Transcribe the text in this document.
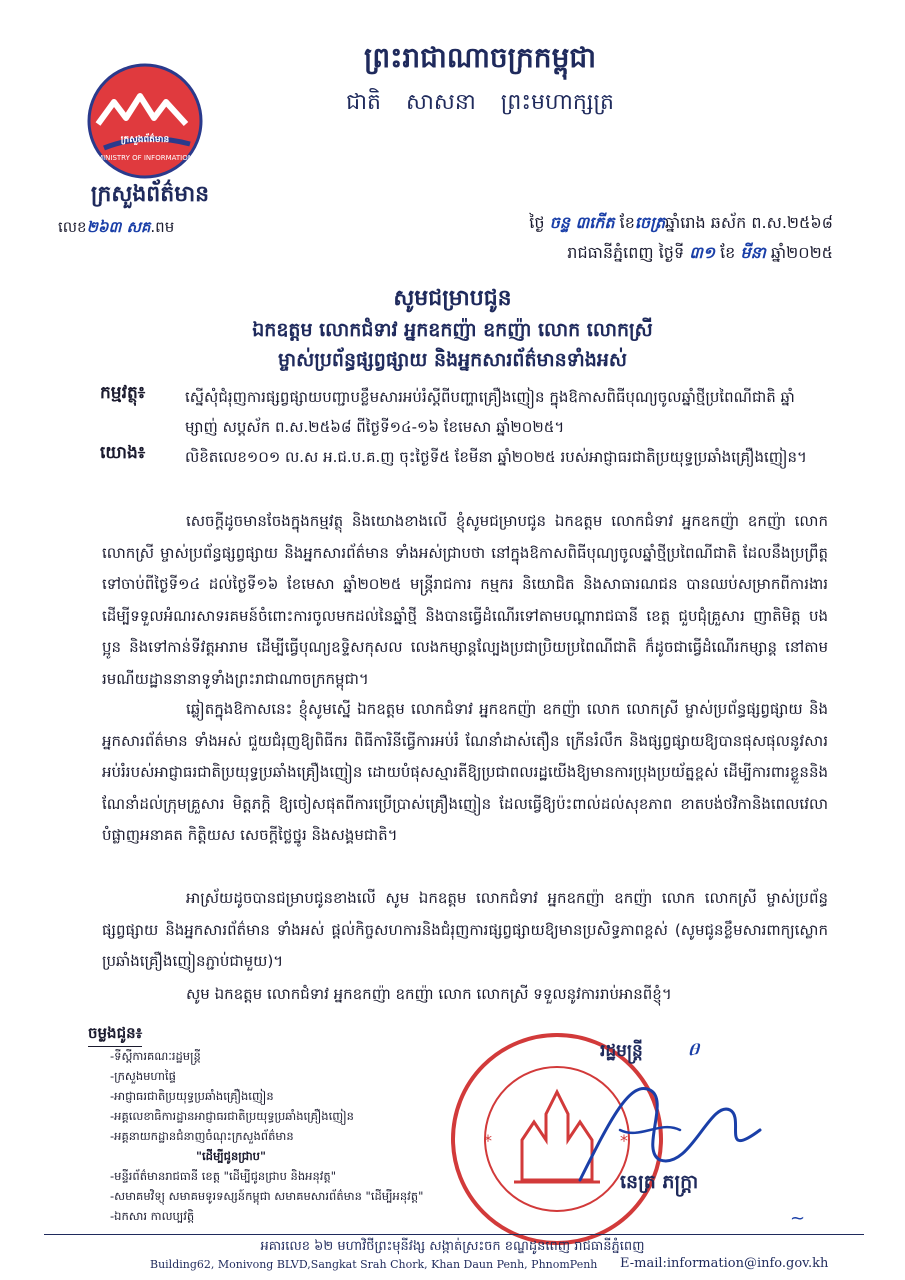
ក្រសួងព័ត៌មាន
MINISTRY OF INFORMATION
ក្រសួងព័ត៌មាន
លេខ២៦៣ សគ.ពម
ព្រះរាជាណាចក្រកម្ពុជា
ជាតិ សាសនា ព្រះមហាក្សត្រ
ថ្ងៃ ចន្ទ ៣កើត ខែចេត្រឆ្នាំរោង ឆស័ក ព.ស.២៥៦៨
រាជធានីភ្នំពេញ ថ្ងៃទី ៣១ ខែ មីនា ឆ្នាំ២០២៥
សូមជម្រាបជូន
ឯកឧត្តម លោកជំទាវ អ្នកឧកញ៉ា ឧកញ៉ា លោក លោកស្រី
ម្ចាស់ប្រព័ន្ធផ្សព្វផ្សាយ និងអ្នកសារព័ត៌មានទាំងអស់
កម្មវត្ថុ៖	ស្នើសុំជំរុញការផ្សព្វផ្សាយបញ្ជាបខ្លឹមសារអប់រំស្តីពីបញ្ហាគ្រឿងញៀន ក្នុងឱកាសពិធីបុណ្យចូលឆ្នាំថ្មីប្រពៃណីជាតិ ឆ្នាំម្សាញ់ សប្តស័ក ព.ស.២៥៦៨ ពីថ្ងៃទី១៤-១៦ ខែមេសា ឆ្នាំ២០២៥។
យោង៖	លិខិតលេខ១០១ ល.ស អ.ជ.ប.គ.ញ ចុះថ្ងៃទី៥ ខែមីនា ឆ្នាំ២០២៥ របស់អាជ្ញាធរជាតិប្រយុទ្ធប្រឆាំងគ្រឿងញៀន។
សេចក្តីដូចមានចែងក្នុងកម្មវត្ថុ និងយោងខាងលើ ខ្ញុំសូមជម្រាបជូន ឯកឧត្តម លោកជំទាវ អ្នកឧកញ៉ា ឧកញ៉ា លោក លោកស្រី ម្ចាស់ប្រព័ន្ធផ្សព្វផ្សាយ និងអ្នកសារព័ត៌មាន ទាំងអស់ជ្រាបថា នៅក្នុងឱកាសពិធីបុណ្យចូលឆ្នាំថ្មីប្រពៃណីជាតិ ដែលនឹងប្រព្រឹត្តទៅចាប់ពីថ្ងៃទី១៤ ដល់ថ្ងៃទី១៦ ខែមេសា ឆ្នាំ២០២៥ មន្ត្រីរាជការ កម្មករ និយោជិត និងសាធារណជន បានឈប់សម្រាកពីការងារ ដើម្បីទទួលអំណរសាទរគមន៍ចំពោះការចូលមកដល់នៃឆ្នាំថ្មី និងបានធ្វើដំណើរទៅតាមបណ្តារាជធានី ខេត្ត ជួបជុំគ្រួសារ ញាតិមិត្ត បងប្អូន និងទៅកាន់ទីវត្តអារាម ដើម្បីធ្វើបុណ្យឧទ្ទិសកុសល លេងកម្សាន្តល្បែងប្រជាប្រិយប្រពៃណីជាតិ ក៏ដូចជាធ្វើដំណើរកម្សាន្ត នៅតាមរមណីយដ្ឋាននានាទូទាំងព្រះរាជាណាចក្រកម្ពុជា។
ឆ្លៀតក្នុងឱកាសនេះ ខ្ញុំសូមស្នើ ឯកឧត្តម លោកជំទាវ អ្នកឧកញ៉ា ឧកញ៉ា លោក លោកស្រី ម្ចាស់ប្រព័ន្ធផ្សព្វផ្សាយ និងអ្នកសារព័ត៌មាន ទាំងអស់ ជួយជំរុញឱ្យពិធីករ ពិធីការិនីធ្វើការអប់រំ ណែនាំដាស់តឿន ក្រើនរំលឹក និងផ្សព្វផ្សាយឱ្យបានផុសផុលនូវសារអប់រំរបស់អាជ្ញាធរជាតិប្រយុទ្ធប្រឆាំងគ្រឿងញៀន ដោយបំផុសស្មារតីឱ្យប្រជាពលរដ្ឋយើងឱ្យមានការប្រុងប្រយ័ត្នខ្ពស់ ដើម្បីការពារខ្លួននិងណែនាំដល់ក្រុមគ្រួសារ មិត្តភក្តិ ឱ្យចៀសផុតពីការប្រើប្រាស់គ្រឿងញៀន ដែលធ្វើឱ្យប៉ះពាល់ដល់សុខភាព ខាតបង់ថវិកានិងពេលវេលា បំផ្លាញអនាគត កិត្តិយស សេចក្តីថ្លៃថ្នូរ និងសង្គមជាតិ។
អាស្រ័យដូចបានជម្រាបជូនខាងលើ សូម ឯកឧត្តម លោកជំទាវ អ្នកឧកញ៉ា ឧកញ៉ា លោក លោកស្រី ម្ចាស់ប្រព័ន្ធផ្សព្វផ្សាយ និងអ្នកសារព័ត៌មាន ទាំងអស់ ផ្តល់កិច្ចសហការនិងជំរុញការផ្សព្វផ្សាយឱ្យមានប្រសិទ្ធភាពខ្ពស់ (សូមជូនខ្លឹមសារពាក្យស្លោកប្រឆាំងគ្រឿងញៀនភ្ជាប់ជាមួយ)។
សូម ឯកឧត្តម លោកជំទាវ អ្នកឧកញ៉ា ឧកញ៉ា លោក លោកស្រី ទទួលនូវការរាប់អានពីខ្ញុំ។
ចម្លងជូន៖
-ទីស្តីការគណៈរដ្ឋមន្ត្រី
-ក្រសួងមហាផ្ទៃ
-អាជ្ញាធរជាតិប្រយុទ្ធប្រឆាំងគ្រឿងញៀន
-អគ្គលេខាធិការដ្ឋានអាជ្ញាធរជាតិប្រយុទ្ធប្រឆាំងគ្រឿងញៀន
-អគ្គនាយកដ្ឋានជំនាញចំណុះក្រសួងព័ត៌មាន
"ដើម្បីជូនជ្រាប"
-មន្ទីរព័ត៌មានរាជធានី ខេត្ត "ដើម្បីជូនជ្រាប និងអនុវត្ត"
-សមាគមវិទ្យុ សមាគមទូរទស្សន៍កម្ពុជា សមាគមសារព័ត៌មាន "ដើម្បីអនុវត្ត"
-ឯកសារ កាលប្បវត្តិ
*	*
រដ្ឋមន្ត្រី ፀ
នេត្រ ភក្ត្រា
~
អគារលេខ ៦២ មហាវិថីព្រះមុនីវង្ស សង្កាត់ស្រះចក ខណ្ឌដូនពេញ រាជធានីភ្នំពេញ
Building62, Monivong BLVD,Sangkat Srah Chork, Khan Daun Penh, PhnomPenh E-mail:information@info.gov.kh
